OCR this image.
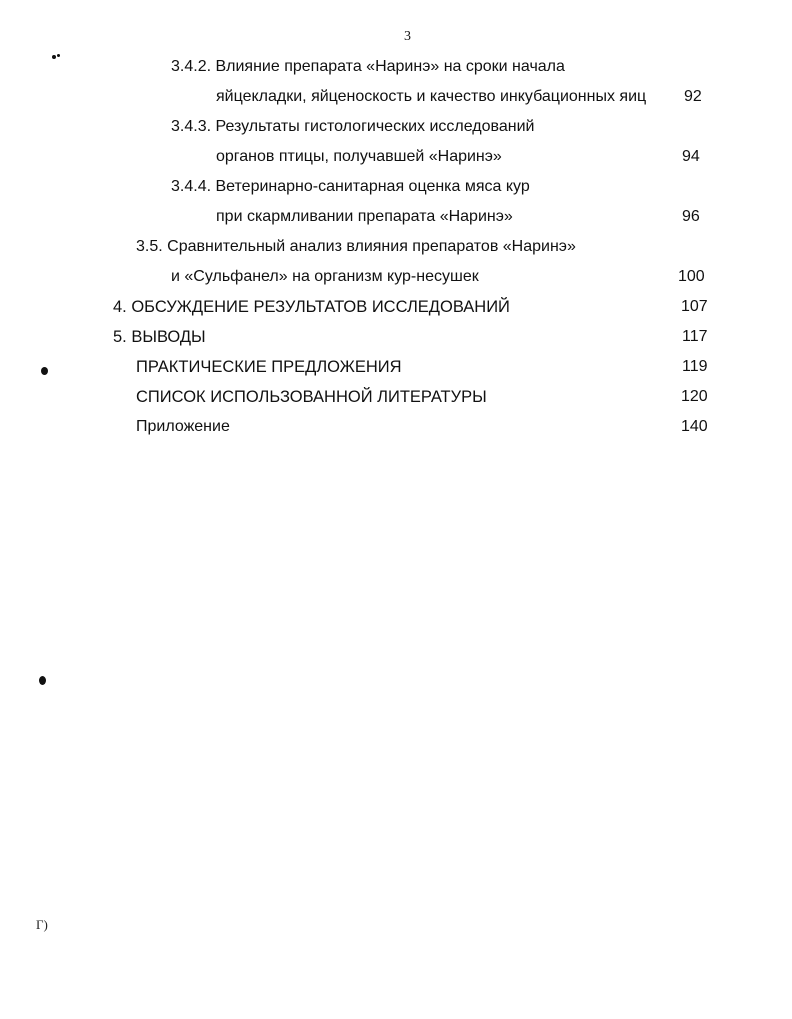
3
3.4.2. Влияние препарата «Наринэ» на сроки начала
яйцекладки, яйценоскость и качество инкубационных яиц 92
3.4.3. Результаты гистологических исследований
органов птицы, получавшей «Наринэ»	94
3.4.4. Ветеринарно-санитарная оценка мяса кур
при скармливании препарата «Наринэ»	96
3.5. Сравнительный анализ влияния препаратов «Наринэ»
и «Сульфанел» на организм кур-несушек	100
4. ОБСУЖДЕНИЕ РЕЗУЛЬТАТОВ ИССЛЕДОВАНИЙ	107
5. ВЫВОДЫ	117
ПРАКТИЧЕСКИЕ ПРЕДЛОЖЕНИЯ	119
СПИСОК ИСПОЛЬЗОВАННОЙ ЛИТЕРАТУРЫ	120
Приложение	140
Г)
